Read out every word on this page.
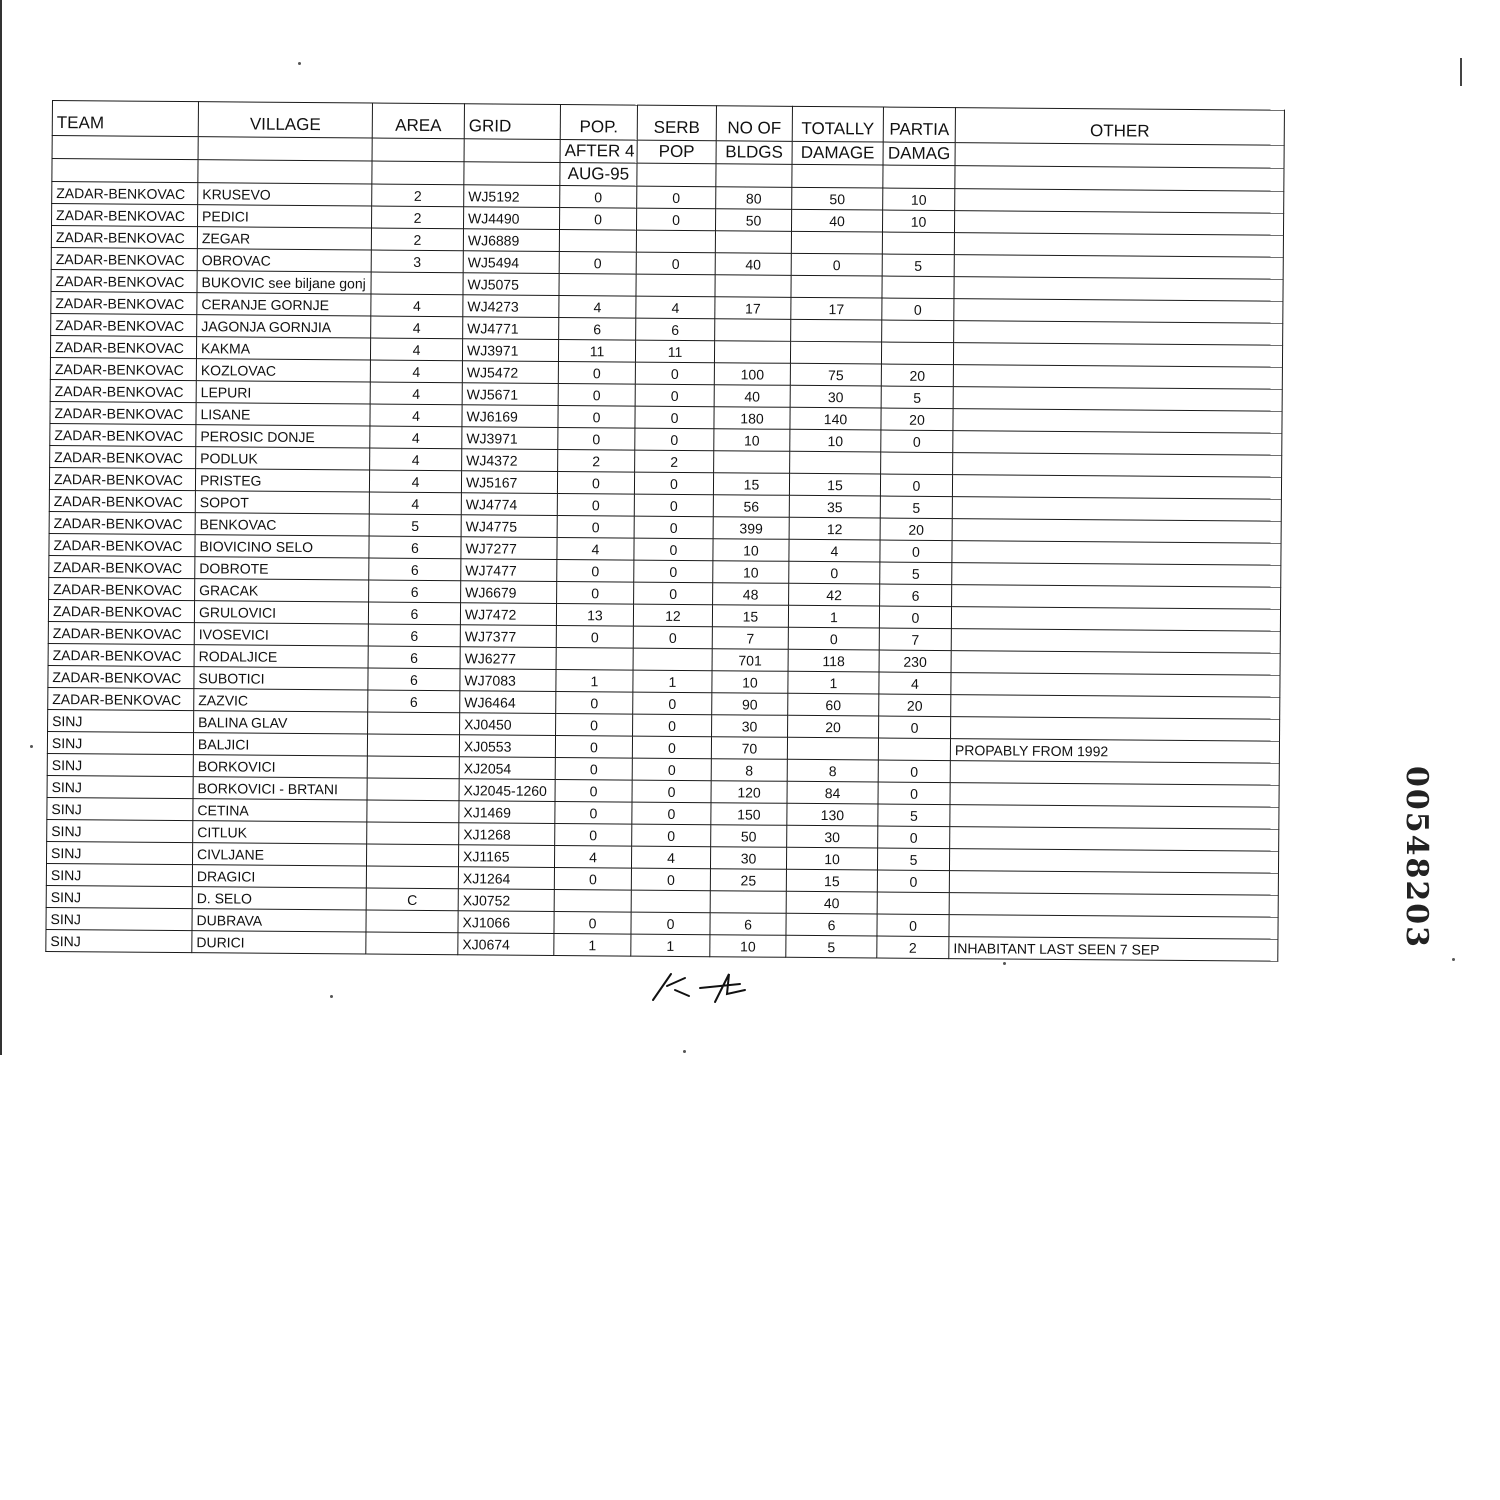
TEAM	VILLAGE	AREA	GRID	POP.	SERB	NO OF	TOTALLY	PARTIA	OTHER
				AFTER 4	POP	BLDGS	DAMAGE	DAMAG	
				AUG-95					
ZADAR-BENKOVAC	KRUSEVO	2	WJ5192	0	0	80	50	10	
ZADAR-BENKOVAC	PEDICI	2	WJ4490	0	0	50	40	10	
ZADAR-BENKOVAC	ZEGAR	2	WJ6889						
ZADAR-BENKOVAC	OBROVAC	3	WJ5494	0	0	40	0	5	
ZADAR-BENKOVAC	BUKOVIC see biljane gonj		WJ5075						
ZADAR-BENKOVAC	CERANJE GORNJE	4	WJ4273	4	4	17	17	0	
ZADAR-BENKOVAC	JAGONJA GORNJIA	4	WJ4771	6	6				
ZADAR-BENKOVAC	KAKMA	4	WJ3971	11	11				
ZADAR-BENKOVAC	KOZLOVAC	4	WJ5472	0	0	100	75	20	
ZADAR-BENKOVAC	LEPURI	4	WJ5671	0	0	40	30	5	
ZADAR-BENKOVAC	LISANE	4	WJ6169	0	0	180	140	20	
ZADAR-BENKOVAC	PEROSIC DONJE	4	WJ3971	0	0	10	10	0	
ZADAR-BENKOVAC	PODLUK	4	WJ4372	2	2				
ZADAR-BENKOVAC	PRISTEG	4	WJ5167	0	0	15	15	0	
ZADAR-BENKOVAC	SOPOT	4	WJ4774	0	0	56	35	5	
ZADAR-BENKOVAC	BENKOVAC	5	WJ4775	0	0	399	12	20	
ZADAR-BENKOVAC	BIOVICINO SELO	6	WJ7277	4	0	10	4	0	
ZADAR-BENKOVAC	DOBROTE	6	WJ7477	0	0	10	0	5	
ZADAR-BENKOVAC	GRACAK	6	WJ6679	0	0	48	42	6	
ZADAR-BENKOVAC	GRULOVICI	6	WJ7472	13	12	15	1	0	
ZADAR-BENKOVAC	IVOSEVICI	6	WJ7377	0	0	7	0	7	
ZADAR-BENKOVAC	RODALJICE	6	WJ6277			701	118	230	
ZADAR-BENKOVAC	SUBOTICI	6	WJ7083	1	1	10	1	4	
ZADAR-BENKOVAC	ZAZVIC	6	WJ6464	0	0	90	60	20	
SINJ	BALINA GLAV		XJ0450	0	0	30	20	0	
SINJ	BALJICI		XJ0553	0	0	70			PROPABLY FROM 1992
SINJ	BORKOVICI		XJ2054	0	0	8	8	0	
SINJ	BORKOVICI - BRTANI		XJ2045-1260	0	0	120	84	0	
SINJ	CETINA		XJ1469	0	0	150	130	5	
SINJ	CITLUK		XJ1268	0	0	50	30	0	
SINJ	CIVLJANE		XJ1165	4	4	30	10	5	
SINJ	DRAGICI		XJ1264	0	0	25	15	0	
SINJ	D. SELO	C	XJ0752				40		
SINJ	DUBRAVA		XJ1066	0	0	6	6	0	
SINJ	DURICI		XJ0674	1	1	10	5	2	INHABITANT LAST SEEN 7 SEP	00548203
